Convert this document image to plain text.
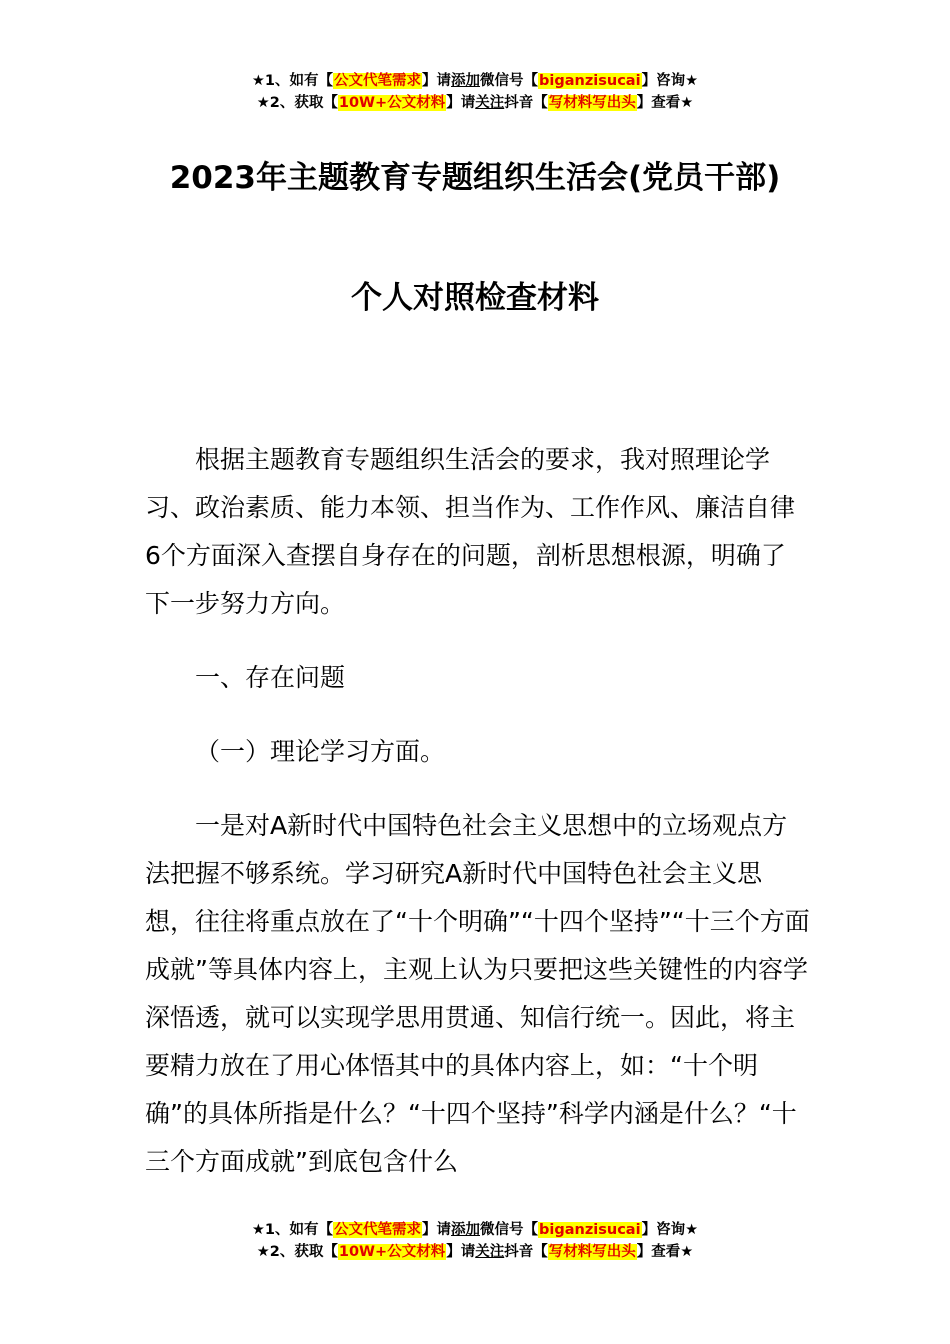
★1、如有【公文代笔需求】请添加微信号【biganzisucai】咨询★
★2、获取【10W+公文材料】请关注抖音【写材料写出头】查看★
2023年主题教育专题组织生活会(党员干部)
个人对照检查材料

根据主题教育专题组织生活会的要求，我对照理论学习、政治素质、能力本领、担当作为、工作作风、廉洁自律6个方面深入查摆自身存在的问题，剖析思想根源，明确了下一步努力方向。

一、存在问题

（一）理论学习方面。

一是对A新时代中国特色社会主义思想中的立场观点方法把握不够系统。学习研究A新时代中国特色社会主义思想，往往将重点放在了“十个明确”“十四个坚持”“十三个方面成就”等具体内容上，主观上认为只要把这些关键性的内容学深悟透，就可以实现学思用贯通、知信行统一。因此，将主要精力放在了用心体悟其中的具体内容上，如：“十个明确”的具体所指是什么？“十四个坚持”科学内涵是什么？“十三个方面成就”到底包含什么

★1、如有【公文代笔需求】请添加微信号【biganzisucai】咨询★
★2、获取【10W+公文材料】请关注抖音【写材料写出头】查看★
